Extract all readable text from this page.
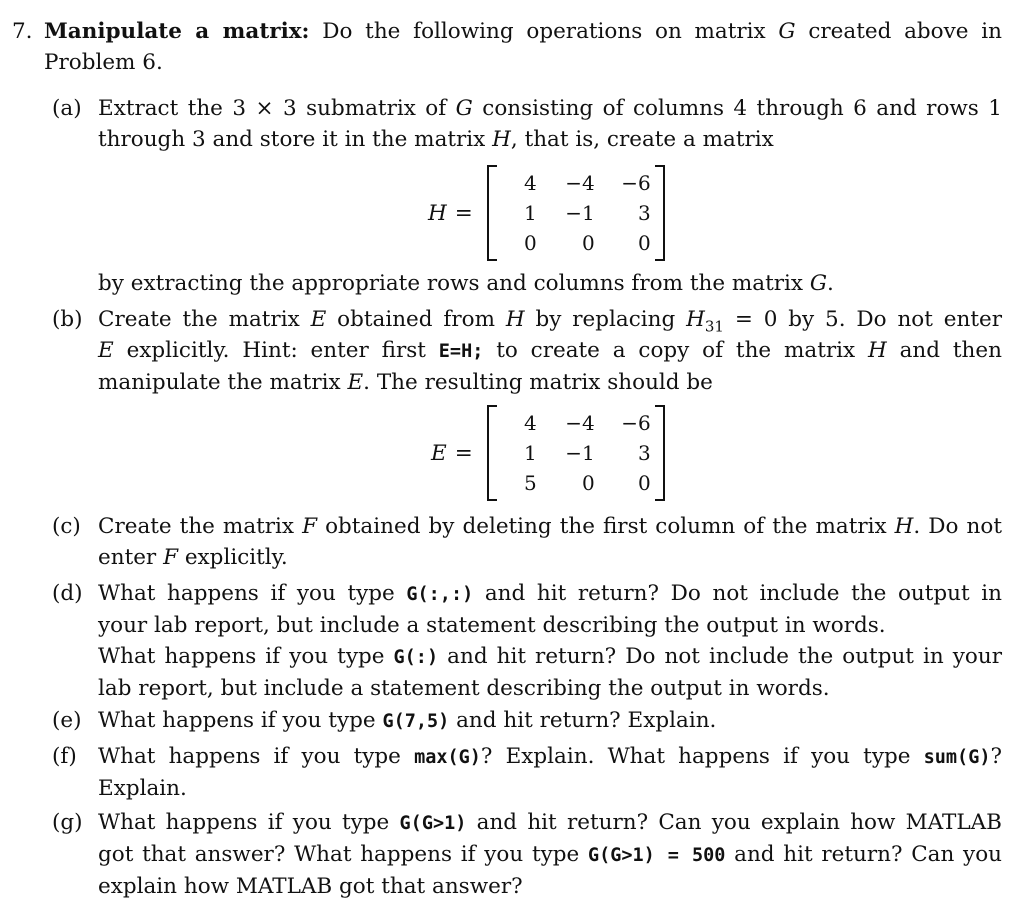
7. Manipulate a matrix: Do the following operations on matrix G created above in
Problem 6.
(a) Extract the 3 × 3 submatrix of G consisting of columns 4 through 6 and rows 1
through 3 and store it in the matrix H, that is, create a matrix
H =
4	−4	−6
1	−1	3
0	0	0
by extracting the appropriate rows and columns from the matrix G.
(b) Create the matrix E obtained from H by replacing $H_{31} = 0$ by 5. Do not enter
E explicitly. Hint: enter first E=H; to create a copy of the matrix H and then
manipulate the matrix E. The resulting matrix should be
E =
4	−4	−6
1	−1	3
5	0	0
(c) Create the matrix F obtained by deleting the first column of the matrix H. Do not
enter F explicitly.
(d) What happens if you type G(:,:) and hit return? Do not include the output in
your lab report, but include a statement describing the output in words.
What happens if you type G(:) and hit return? Do not include the output in your
lab report, but include a statement describing the output in words.
(e) What happens if you type G(7,5) and hit return? Explain.
(f) What happens if you type max(G)? Explain. What happens if you type sum(G)?
Explain.
(g) What happens if you type G(G>1) and hit return? Can you explain how MATLAB
got that answer? What happens if you type G(G>1) = 500 and hit return? Can you
explain how MATLAB got that answer?
